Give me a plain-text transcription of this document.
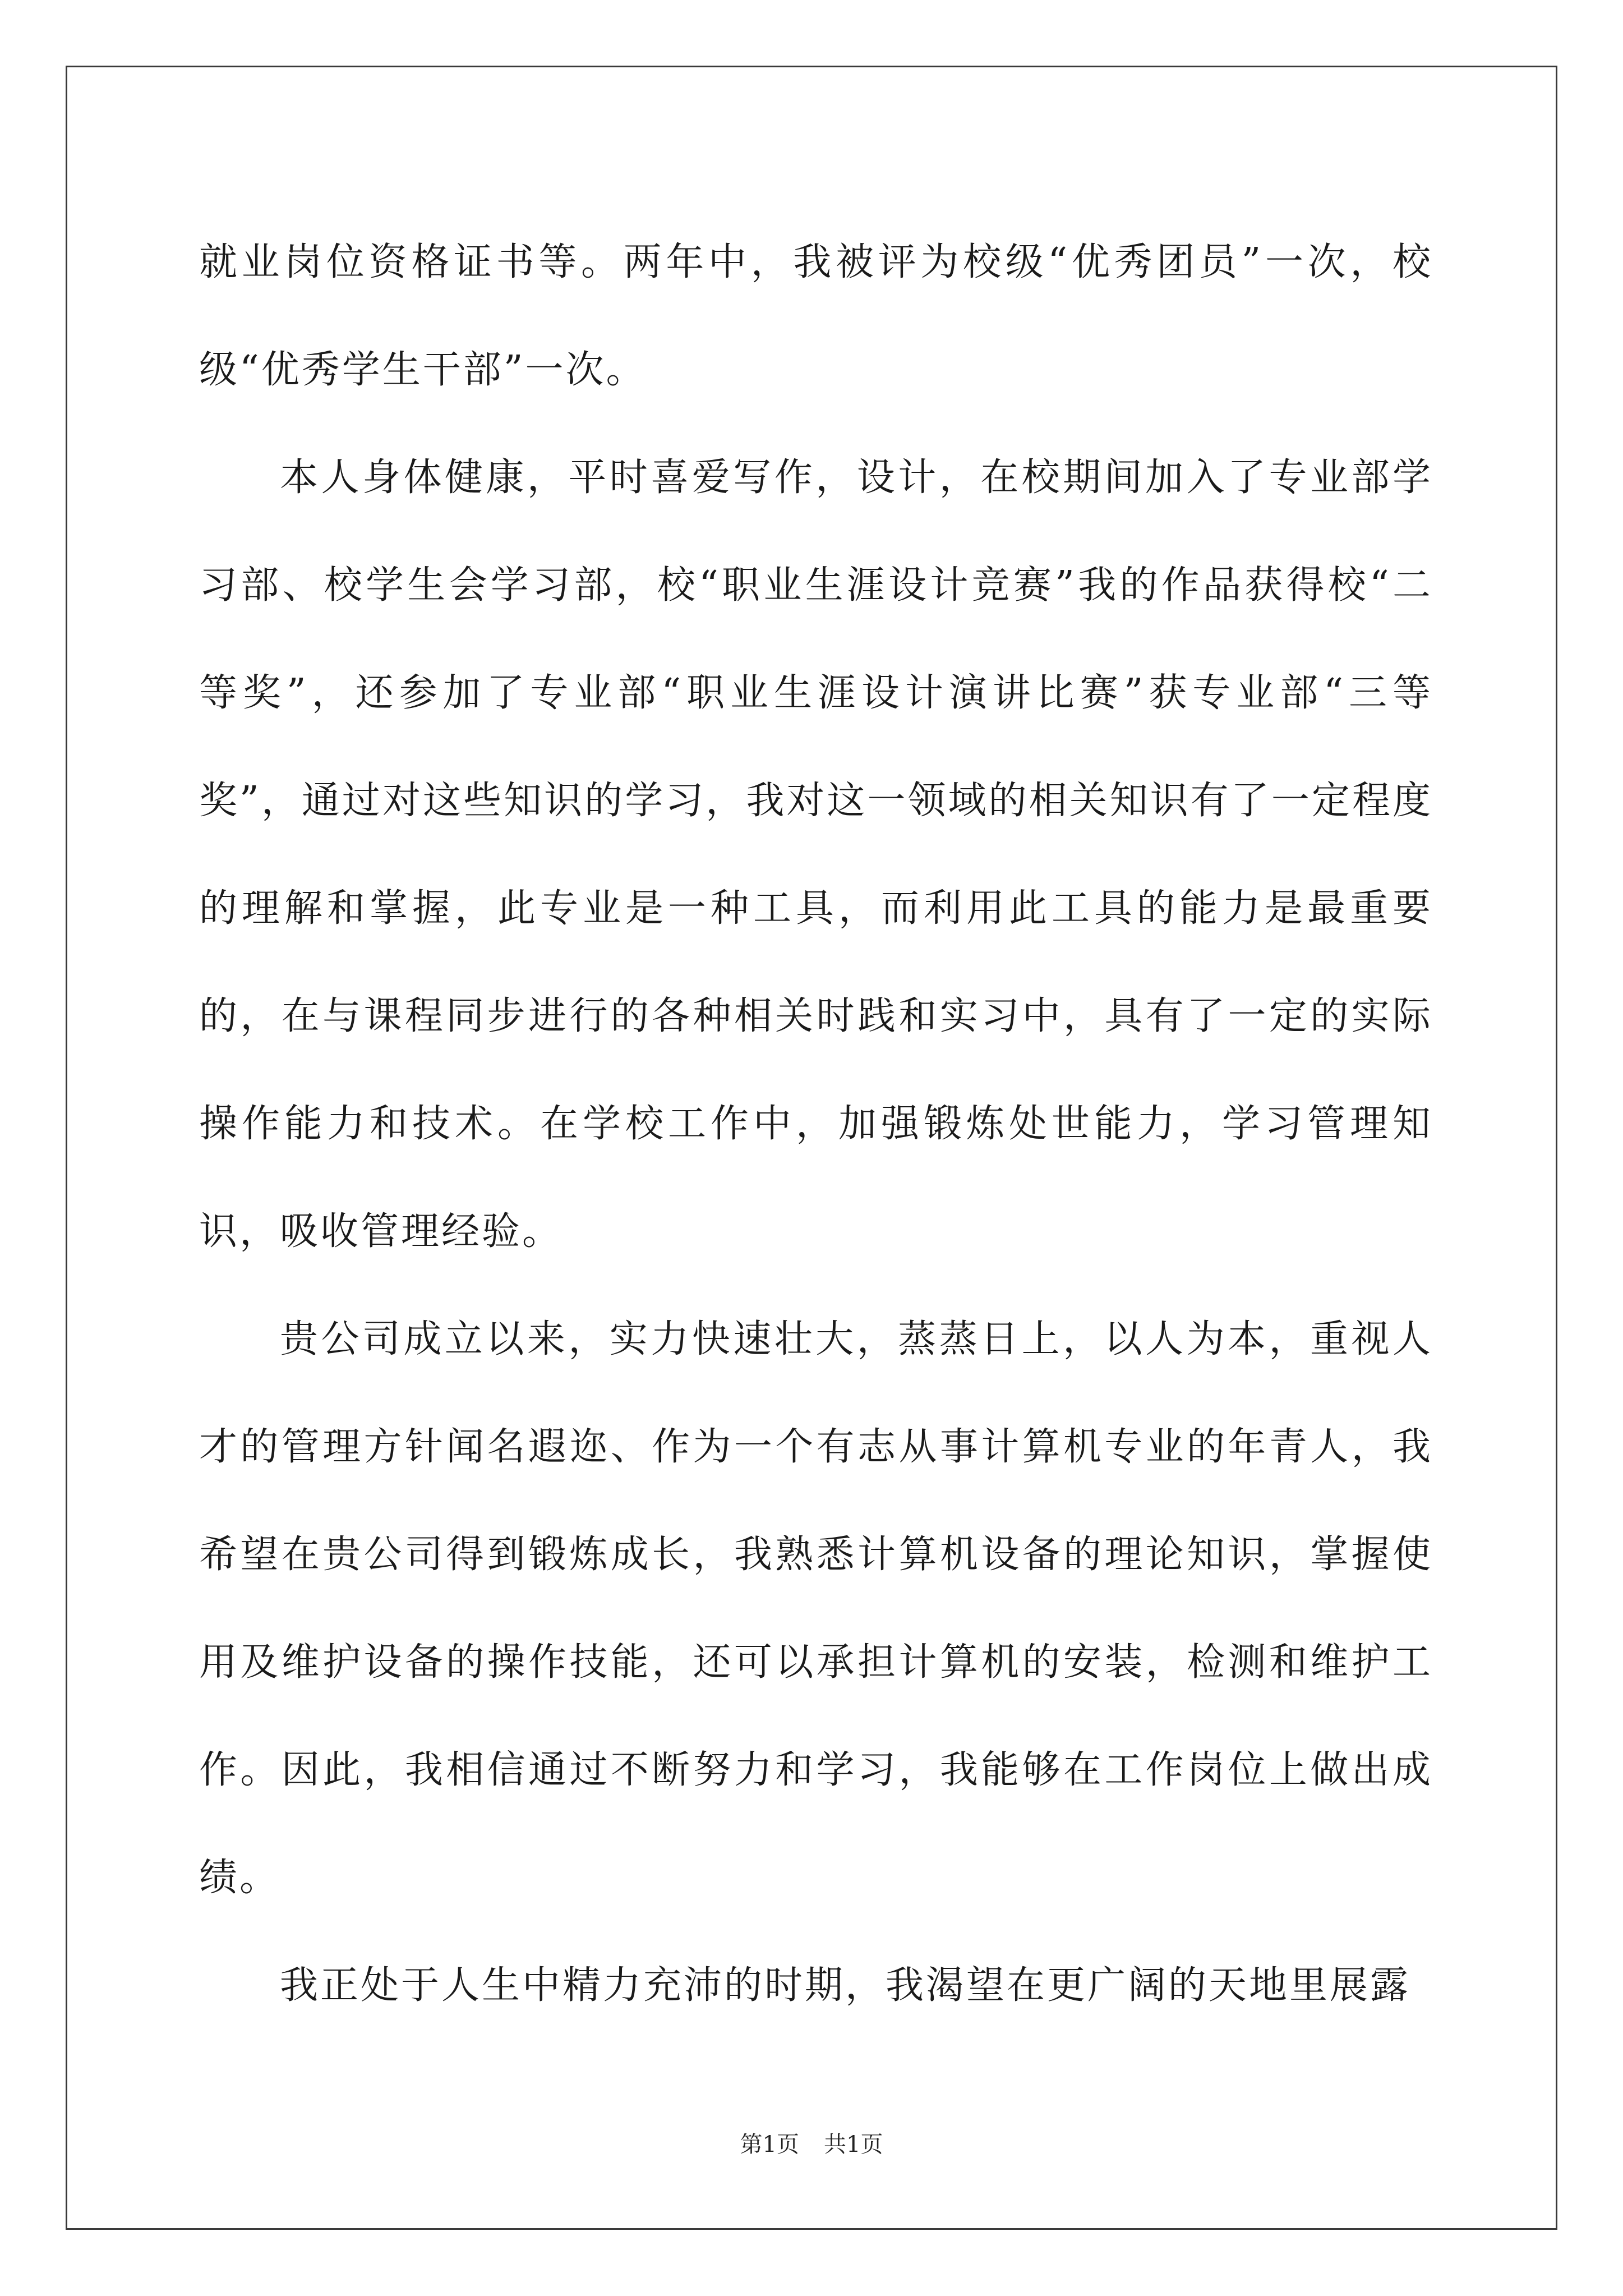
就业岗位资格证书等。两年中，我被评为校级“优秀团员”一次，校级“优秀学生干部”一次。

本人身体健康，平时喜爱写作，设计，在校期间加入了专业部学习部、校学生会学习部，校“职业生涯设计竞赛”我的作品获得校“二等奖”，还参加了专业部“职业生涯设计演讲比赛”获专业部“三等奖”，通过对这些知识的学习，我对这一领域的相关知识有了一定程度的理解和掌握，此专业是一种工具，而利用此工具的能力是最重要的，在与课程同步进行的各种相关时践和实习中，具有了一定的实际操作能力和技术。在学校工作中，加强锻炼处世能力，学习管理知识，吸收管理经验。

贵公司成立以来，实力快速壮大，蒸蒸日上，以人为本，重视人才的管理方针闻名遐迩、作为一个有志从事计算机专业的年青人，我希望在贵公司得到锻炼成长，我熟悉计算机设备的理论知识，掌握使用及维护设备的操作技能，还可以承担计算机的安装，检测和维护工作。因此，我相信通过不断努力和学习，我能够在工作岗位上做出成绩。

我正处于人生中精力充沛的时期，我渴望在更广阔的天地里展露

第1页 共1页
